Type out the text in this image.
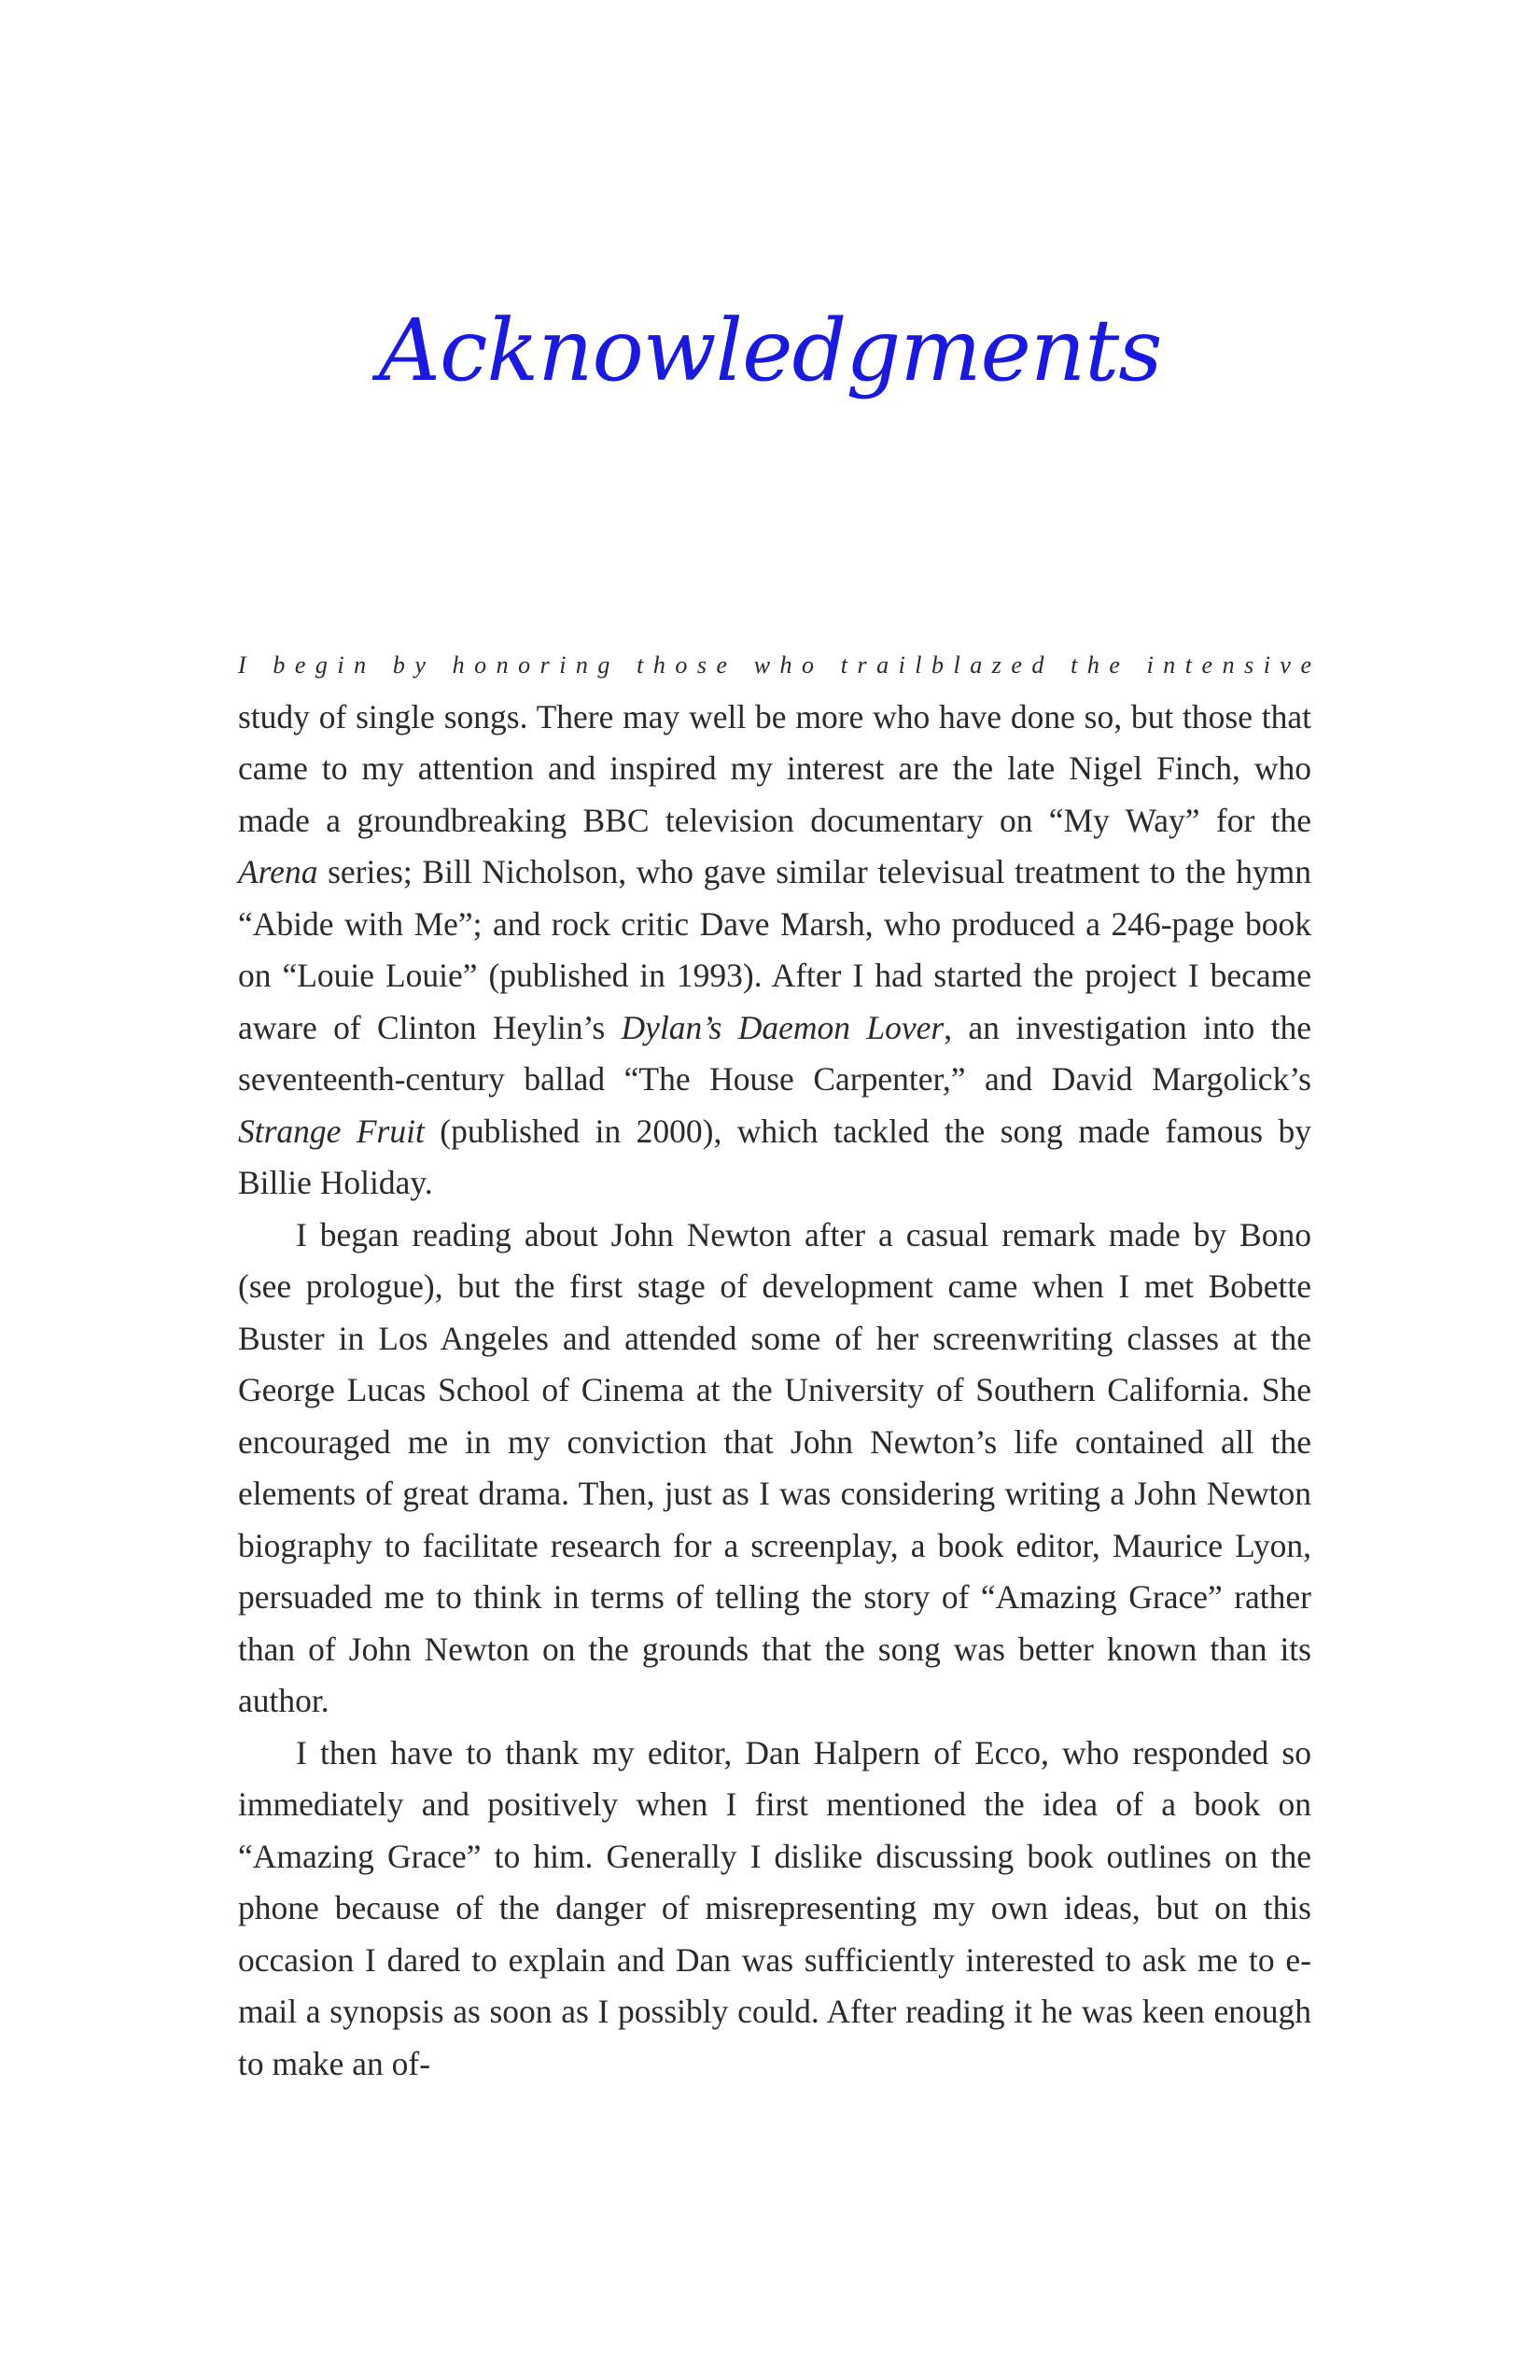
Acknowledgments
I begin by honoring those who trailblazed the intensive

study of single songs. There may well be more who have done so, but those that came to my attention and inspired my interest are the late Nigel Finch, who made a groundbreaking BBC television documentary on “My Way” for the Arena series; Bill Nicholson, who gave similar televisual treatment to the hymn “Abide with Me”; and rock critic Dave Marsh, who produced a 246-page book on “Louie Louie” (published in 1993). After I had started the project I became aware of Clinton Heylin’s Dylan’s Daemon Lover, an investigation into the seventeenth-century ballad “The House Carpenter,” and David Margolick’s Strange Fruit (published in 2000), which tackled the song made famous by Billie Holiday.

I began reading about John Newton after a casual remark made by Bono (see prologue), but the first stage of development came when I met Bobette Buster in Los Angeles and attended some of her screenwriting classes at the George Lucas School of Cinema at the University of Southern California. She encouraged me in my conviction that John Newton’s life contained all the elements of great drama. Then, just as I was considering writing a John Newton biography to facilitate research for a screenplay, a book editor, Maurice Lyon, persuaded me to think in terms of telling the story of “Amazing Grace” rather than of John Newton on the grounds that the song was better known than its author.

I then have to thank my editor, Dan Halpern of Ecco, who responded so immediately and positively when I first mentioned the idea of a book on “Amazing Grace” to him. Generally I dislike discussing book outlines on the phone because of the danger of misrepresenting my own ideas, but on this occasion I dared to explain and Dan was sufficiently interested to ask me to e-mail a synopsis as soon as I possibly could. After reading it he was keen enough to make an of-
